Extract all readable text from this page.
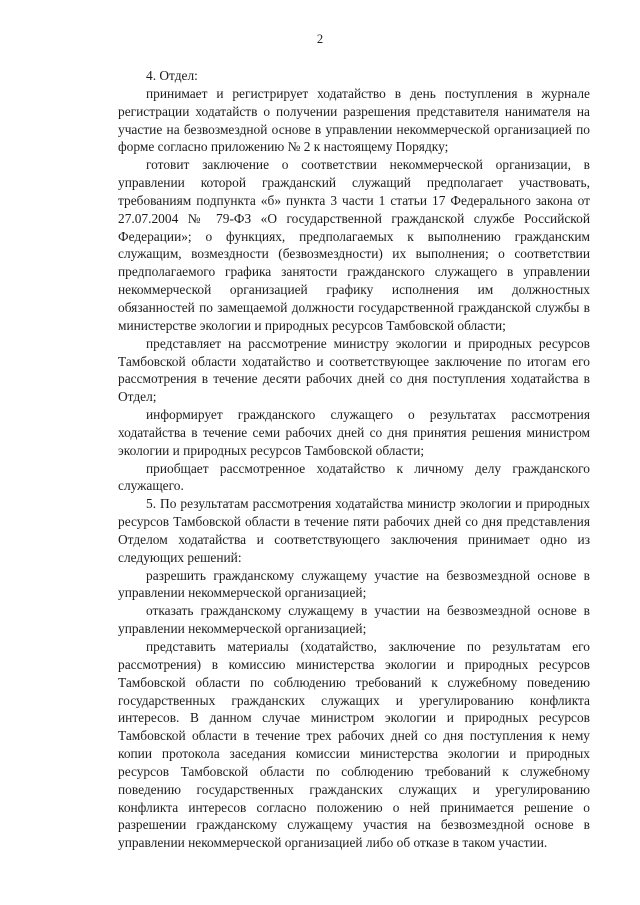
2

4. Отдел:

принимает и регистрирует ходатайство в день поступления в журнале регистрации ходатайств о получении разрешения представителя нанимателя на участие на безвозмездной основе в управлении некоммерческой организацией по форме согласно приложению № 2 к настоящему Порядку;

готовит заключение о соответствии некоммерческой организации, в управлении которой гражданский служащий предполагает участвовать, требованиям подпункта «б» пункта 3 части 1 статьи 17 Федерального закона от 27.07.2004 № 79-ФЗ «О государственной гражданской службе Российской Федерации»; о функциях, предполагаемых к выполнению гражданским служащим, возмездности (безвозмездности) их выполнения; о соответствии предполагаемого графика занятости гражданского служащего в управлении некоммерческой организацией графику исполнения им должностных обязанностей по замещаемой должности государственной гражданской службы в министерстве экологии и природных ресурсов Тамбовской области;

представляет на рассмотрение министру экологии и природных ресурсов Тамбовской области ходатайство и соответствующее заключение по итогам его рассмотрения в течение десяти рабочих дней со дня поступления ходатайства в Отдел;

информирует гражданского служащего о результатах рассмотрения ходатайства в течение семи рабочих дней со дня принятия решения министром экологии и природных ресурсов Тамбовской области;

приобщает рассмотренное ходатайство к личному делу гражданского служащего.

5. По результатам рассмотрения ходатайства министр экологии и природных ресурсов Тамбовской области в течение пяти рабочих дней со дня представления Отделом ходатайства и соответствующего заключения принимает одно из следующих решений:

разрешить гражданскому служащему участие на безвозмездной основе в управлении некоммерческой организацией;

отказать гражданскому служащему в участии на безвозмездной основе в управлении некоммерческой организацией;

представить материалы (ходатайство, заключение по результатам его рассмотрения) в комиссию министерства экологии и природных ресурсов Тамбовской области по соблюдению требований к служебному поведению государственных гражданских служащих и урегулированию конфликта интересов. В данном случае министром экологии и природных ресурсов Тамбовской области в течение трех рабочих дней со дня поступления к нему копии протокола заседания комиссии министерства экологии и природных ресурсов Тамбовской области по соблюдению требований к служебному поведению государственных гражданских служащих и урегулированию конфликта интересов согласно положению о ней принимается решение о разрешении гражданскому служащему участия на безвозмездной основе в управлении некоммерческой организацией либо об отказе в таком участии.
